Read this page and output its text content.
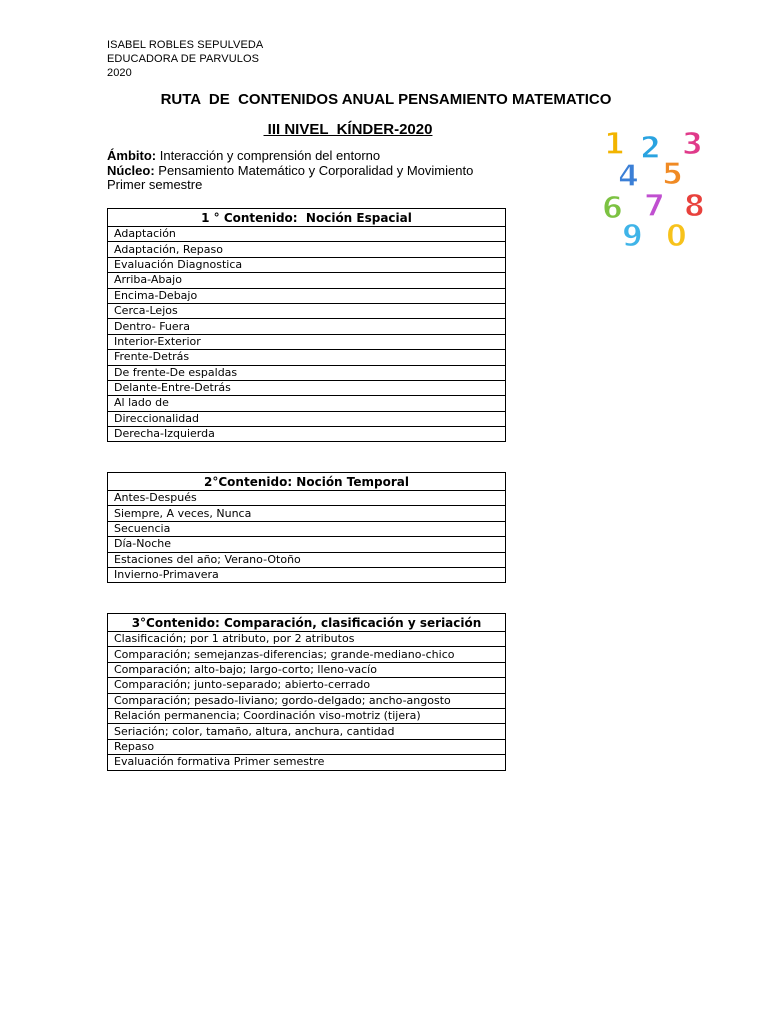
ISABEL ROBLES SEPULVEDA
EDUCADORA DE PARVULOS
2020
RUTA  DE  CONTENIDOS ANUAL PENSAMIENTO MATEMATICO
III NIVEL  KÍNDER-2020
Ámbito: Interacción y comprensión del entorno
Núcleo: Pensamiento Matemático y Corporalidad y Movimiento
Primer semestre
1 2 3
4 5
6 7 8
9 0
1 ° Contenido:  Noción Espacial
Adaptación
Adaptación, Repaso
Evaluación Diagnostica
Arriba-Abajo
Encima-Debajo
Cerca-Lejos
Dentro- Fuera
Interior-Exterior
Frente-Detrás
De frente-De espaldas
Delante-Entre-Detrás
Al lado de
Direccionalidad
Derecha-Izquierda
2°Contenido: Noción Temporal
Antes-Después
Siempre, A veces, Nunca
Secuencia
Día-Noche
Estaciones del año; Verano-Otoño
Invierno-Primavera
3°Contenido: Comparación, clasificación y seriación
Clasificación; por 1 atributo, por 2 atributos
Comparación; semejanzas-diferencias; grande-mediano-chico
Comparación; alto-bajo; largo-corto; lleno-vacío
Comparación; junto-separado; abierto-cerrado
Comparación; pesado-liviano; gordo-delgado; ancho-angosto
Relación permanencia; Coordinación viso-motriz (tijera)
Seriación; color, tamaño, altura, anchura, cantidad
Repaso
Evaluación formativa Primer semestre
